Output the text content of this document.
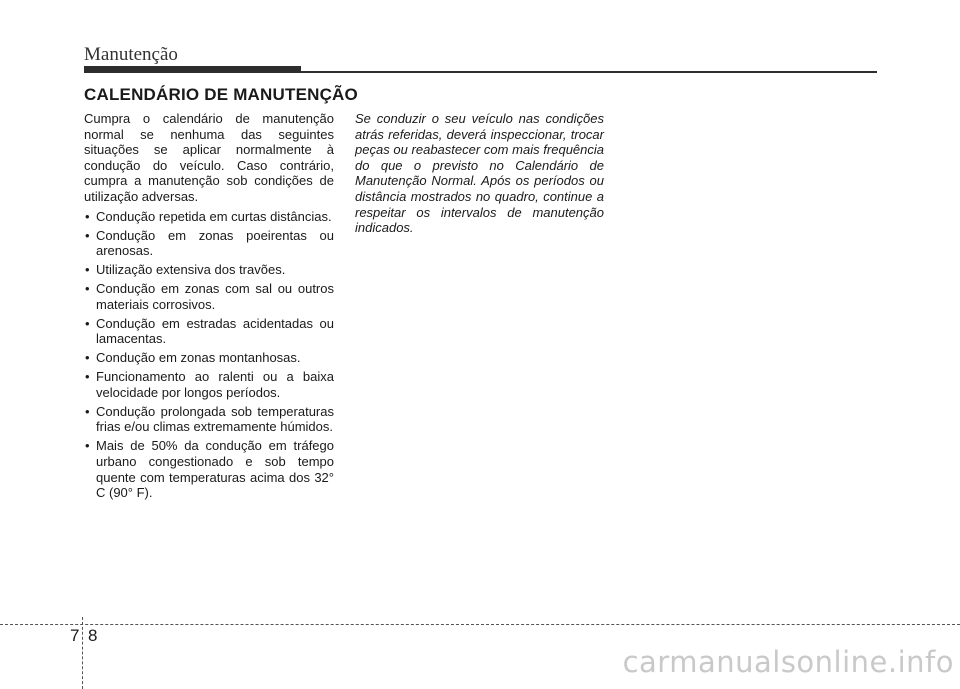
Manutenção
CALENDÁRIO DE MANUTENÇÃO

Cumpra o calendário de manutenção normal se nenhuma das seguintes situações se aplicar normalmente à condução do veículo. Caso contrário, cumpra a manutenção sob condições de utilização adversas.

• Condução repetida em curtas distâncias.
• Condução em zonas poeirentas ou arenosas.
• Utilização extensiva dos travões.
• Condução em zonas com sal ou outros materiais corrosivos.
• Condução em estradas acidentadas ou lamacentas.
• Condução em zonas montanhosas.
• Funcionamento ao ralenti ou a baixa velocidade por longos períodos.
• Condução prolongada sob temperaturas frias e/ou climas extremamente húmidos.
• Mais de 50% da condução em tráfego urbano congestionado e sob tempo quente com temperaturas acima dos 32° C (90° F).

Se conduzir o seu veículo nas condições atrás referidas, deverá inspeccionar, trocar peças ou reabastecer com mais frequência do que o previsto no Calendário de Manutenção Normal. Após os períodos ou distância mostrados no quadro, continue a respeitar os intervalos de manutenção indicados.

7 8
carmanualsonline.info
